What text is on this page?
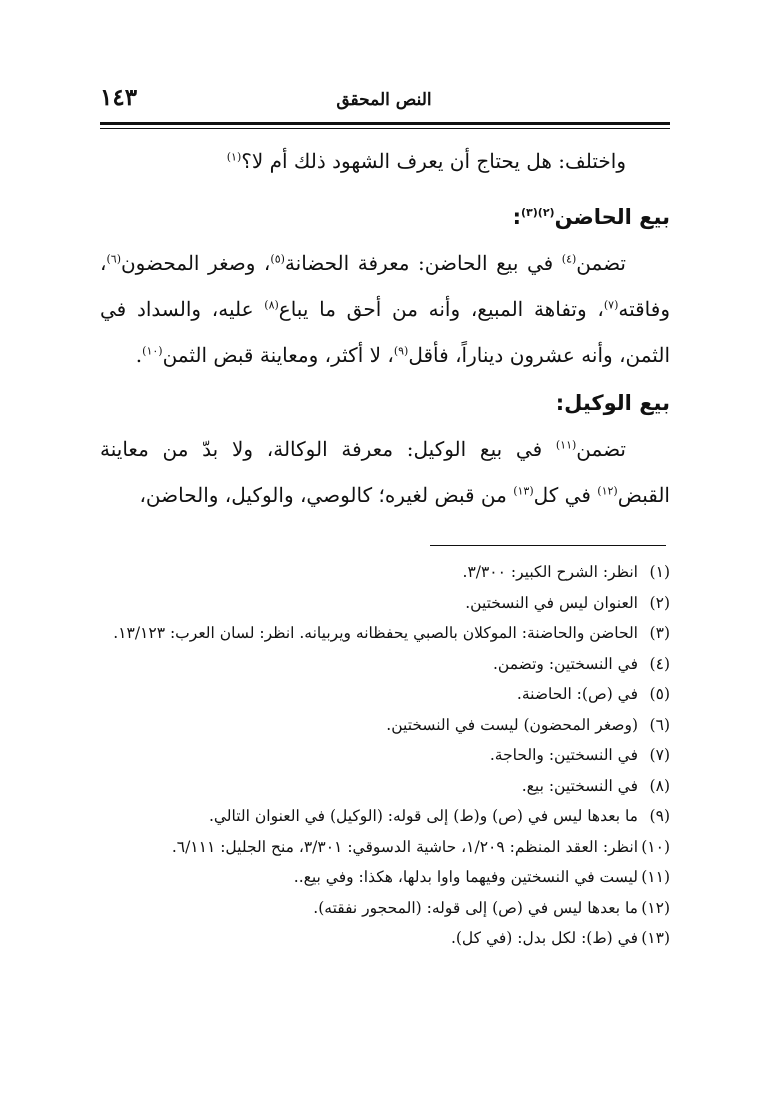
١٤٣	النص المحقق

واختلف: هل يحتاج أن يعرف الشهود ذلك أم لا؟$^{(١)}$

بيع الحاضن$^{(٢)(٣)}$:

تضمن$^{(٤)}$ في بيع الحاضن: معرفة الحضانة$^{(٥)}$، وصغر المحضون$^{(٦)}$، وفاقته$^{(٧)}$، وتفاهة المبيع، وأنه من أحق ما يباع$^{(٨)}$ عليه، والسداد في الثمن، وأنه عشرون ديناراً، فأقل$^{(٩)}$، لا أكثر، ومعاينة قبض الثمن$^{(١٠)}$.

بيع الوكيل:

تضمن$^{(١١)}$ في بيع الوكيل: معرفة الوكالة، ولا بدّ من معاينة القبض$^{(١٢)}$ في كل$^{(١٣)}$ من قبض لغيره؛ كالوصي، والوكيل، والحاضن،

(١)
انظر: الشرح الكبير: ٣/٣٠٠.
(٢)
العنوان ليس في النسختين.
(٣)
الحاضن والحاضنة: الموكلان بالصبي يحفظانه ويربيانه. انظر: لسان العرب: ١٣/١٢٣.
(٤)
في النسختين: وتضمن.
(٥)
في (ص): الحاضنة.
(٦)
(وصغر المحضون) ليست في النسختين.
(٧)
في النسختين: والحاجة.
(٨)
في النسختين: بيع.
(٩)
ما بعدها ليس في (ص) و(ط) إلى قوله: (الوكيل) في العنوان التالي.
(١٠)
انظر: العقد المنظم: ١/٢٠٩، حاشية الدسوقي: ٣/٣٠١، منح الجليل: ٦/١١١.
(١١)
ليست في النسختين وفيهما واوا بدلها، هكذا: وفي بيع..
(١٢)
ما بعدها ليس في (ص) إلى قوله: (المحجور نفقته).
(١٣)
في (ط): لكل بدل: (في كل).
